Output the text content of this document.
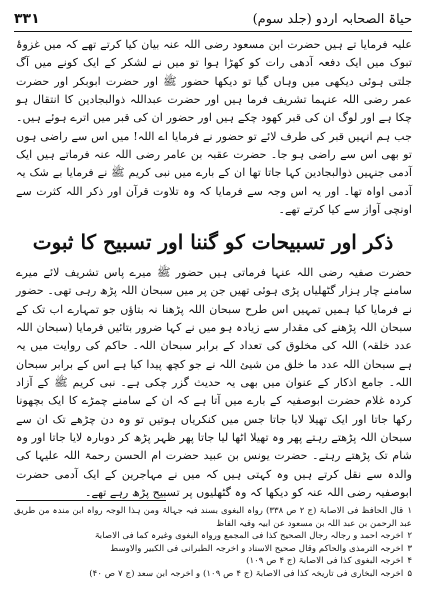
حیاۃ الصحابہ اردو (جلد سوم)
۳۳۱
علیہ فرمایا تے ہیں حضرت ابن مسعود رضی اللہ عنہ بیان کیا کرتے تھے کہ میں غزوۂ تبوک میں ایک دفعہ آدھی رات کو کھڑا ہوا تو میں نے لشکر کے ایک کونے میں آگ جلتی ہوئی دیکھی میں وہاں گیا تو دیکھا حضور ﷺ اور حضرت ابوبکر اور حضرت عمر رضی اللہ عنہما تشریف فرما ہیں اور حضرت عبداللہ ذوالبجادین کا انتقال ہو چکا ہے اور لوگ ان کی قبر کھود چکے ہیں اور حضور ان کی قبر میں اترے ہوئے ہیں۔ جب ہم انہیں قبر کی طرف لائے تو حضور نے فرمایا اے اللہ! میں اس سے راضی ہوں تو بھی اس سے راضی ہو جا۔ حضرت عقبہ بن عامر رضی اللہ عنہ فرماتے ہیں ایک آدمی جنہیں ذوالبجادین کہا جاتا تھا ان کے بارے میں نبی کریم ﷺ نے فرمایا بے شک یہ آدمی اواہ تھا۔ اور یہ اس وجہ سے فرمایا کہ وہ تلاوت قرآن اور ذکر اللہ کثرت سے اونچی آواز سے کیا کرتے تھے۔
ذکر اور تسبیحات کو گننا اور تسبیح کا ثبوت
حضرت صفیہ رضی اللہ عنہا فرماتی ہیں حضور ﷺ میرے پاس تشریف لائے میرے سامنے چار ہزار گٹھلیاں پڑی ہوئی تھیں جن پر میں سبحان اللہ پڑھ رہی تھی۔ حضور نے فرمایا کیا ہمیں تمہیں اس طرح سبحان اللہ پڑھنا نہ بتاؤں جو تمہارے اب تک کے سبحان اللہ پڑھنے کی مقدار سے زیادہ ہو میں نے کہا ضرور بتائیں فرمایا (سبحان اللہ عدد خلقہ) اللہ کی مخلوق کی تعداد کے برابر سبحان اللہ۔ حاکم کی روایت میں یہ ہے سبحان اللہ عدد ما خلق من شیئ اللہ نے جو کچھ پیدا کیا ہے اس کے برابر سبحان اللہ۔ جامع اذکار کے عنوان میں بھی یہ حدیث گزر چکی ہے۔ نبی کریم ﷺ کے آزاد کردہ غلام حضرت ابوصفیہ کے بارے میں آتا ہے کہ ان کے سامنے چمڑے کا ایک بچھونا رکھا جاتا اور ایک تھیلا لایا جاتا جس میں کنکریاں ہوتیں تو وہ دن چڑھے تک ان سے سبحان اللہ پڑھتے رہتے پھر وہ تھیلا اٹھا لیا جاتا پھر ظہر پڑھ کر دوبارہ لایا جاتا اور وہ شام تک پڑھتے رہتے۔ حضرت یونس بن عبید حضرت ام الحسن رحمۃ اللہ علیہا کی والدہ سے نقل کرتے ہیں وہ کہتی ہیں کہ میں نے مہاجرین کے ایک آدمی حضرت ابوصفیہ رضی اللہ عنہ کو دیکھا کہ وہ گٹھلیوں پر تسبیح پڑھ رہے تھے۔
۱قال الحافظ فی الاصابۃ (ج ۲ ص ۳۳۸) رواہ البغوی بسند فیہ جہالۃ ومن ہذا الوجہ رواہ ابن مندہ من طریق عبد الرحمن بن عبد اللہ بن مسعود عن ابیہ وفیہ الفاظ
۲اخرجہ احمد و رجالہ رجال الصحیح کذا فی المجمع ورواہ البغوی وغیرہ کما فی الاصابۃ
۳اخرجہ الترمذی والحاکم وقال صحیح الاسناد و اخرجہ الطبرانی فی الکبیر والاوسط
۴اخرجہ البغوی کذا فی الاصابۃ (ج ۴ ص ۱۰۹)
۵اخرجہ البخاری فی تاریخہ کذا فی الاصابۃ (ج ۴ ص ۱۰۹) و اخرجہ ابن سعد (ج ۷ ص ۴۰)
